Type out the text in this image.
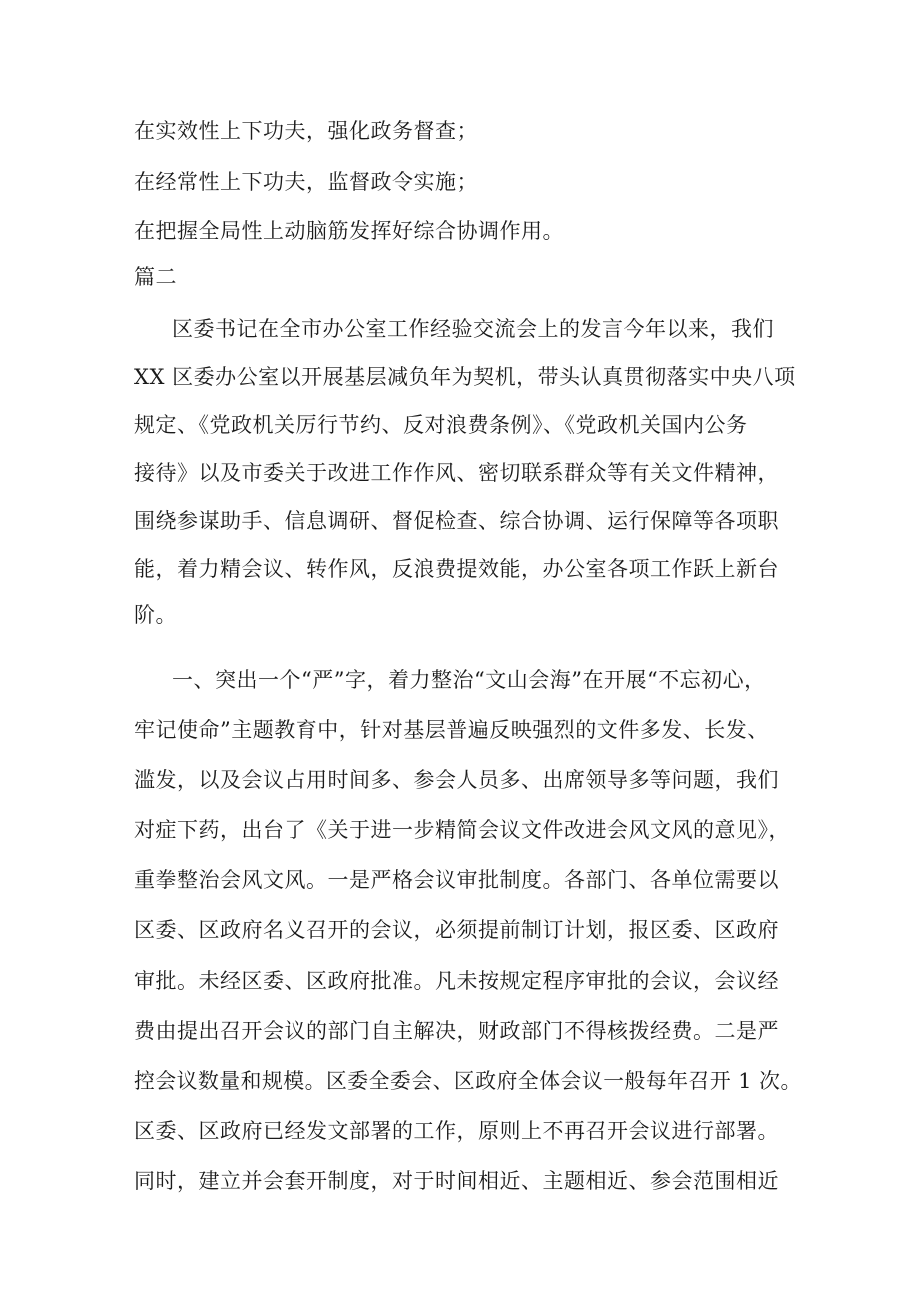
在实效性上下功夫，强化政务督查；
在经常性上下功夫，监督政令实施；
在把握全局性上动脑筋发挥好综合协调作用。
篇二
区委书记在全市办公室工作经验交流会上的发言今年以来，我们
XX 区委办公室以开展基层减负年为契机，带头认真贯彻落实中央八项
规定、《党政机关厉行节约、反对浪费条例》、《党政机关国内公务
接待》以及市委关于改进工作作风、密切联系群众等有关文件精神，
围绕参谋助手、信息调研、督促检查、综合协调、运行保障等各项职
能，着力精会议、转作风，反浪费提效能，办公室各项工作跃上新台
阶。
一、突出一个“严”字，着力整治“文山会海”在开展“不忘初心，
牢记使命”主题教育中，针对基层普遍反映强烈的文件多发、长发、
滥发，以及会议占用时间多、参会人员多、出席领导多等问题，我们
对症下药，出台了《关于进一步精简会议文件改进会风文风的意见》，
重拳整治会风文风。一是严格会议审批制度。各部门、各单位需要以
区委、区政府名义召开的会议，必须提前制订计划，报区委、区政府
审批。未经区委、区政府批准。凡未按规定程序审批的会议，会议经
费由提出召开会议的部门自主解决，财政部门不得核拨经费。二是严
控会议数量和规模。区委全委会、区政府全体会议一般每年召开 1 次。
区委、区政府已经发文部署的工作，原则上不再召开会议进行部署。
同时，建立并会套开制度，对于时间相近、主题相近、参会范围相近
